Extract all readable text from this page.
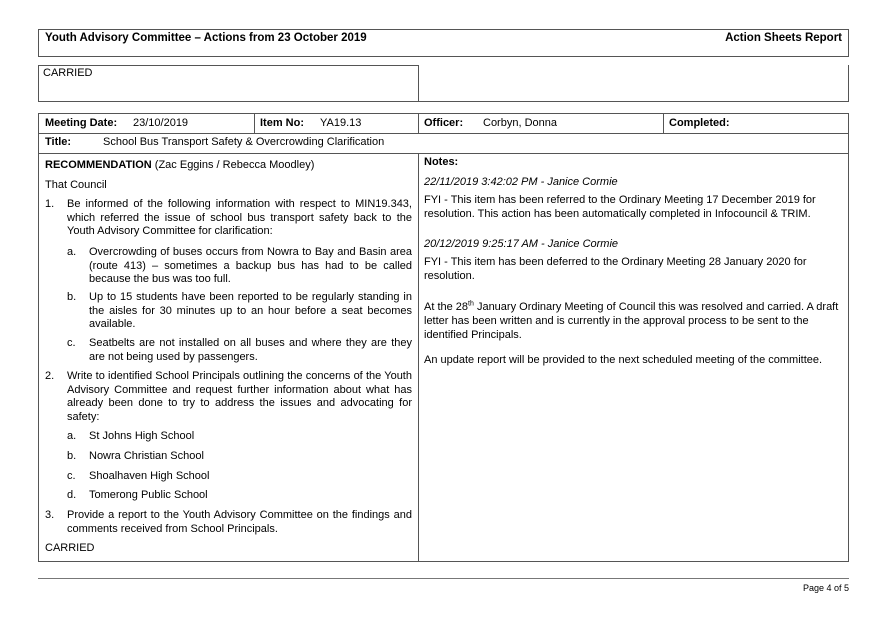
Youth Advisory Committee – Actions from 23 October 2019	Action Sheets Report
CARRIED
Meeting Date: 23/10/2019	Item No: YA19.13	Officer: Corbyn, Donna	Completed:
Title:	School Bus Transport Safety & Overcrowding Clarification
RECOMMENDATION (Zac Eggins / Rebecca Moodley)
That Council
1. Be informed of the following information with respect to MIN19.343, which referred the issue of school bus transport safety back to the Youth Advisory Committee for clarification:
a. Overcrowding of buses occurs from Nowra to Bay and Basin area (route 413) – sometimes a backup bus has had to be called because the bus was too full.
b. Up to 15 students have been reported to be regularly standing in the aisles for 30 minutes up to an hour before a seat becomes available.
c. Seatbelts are not installed on all buses and where they are they are not being used by passengers.
2. Write to identified School Principals outlining the concerns of the Youth Advisory Committee and request further information about what has already been done to try to address the issues and advocating for safety:
a. St Johns High School
b. Nowra Christian School
c. Shoalhaven High School
d. Tomerong Public School
3. Provide a report to the Youth Advisory Committee on the findings and comments received from School Principals.
CARRIED
Notes:
22/11/2019 3:42:02 PM - Janice Cormie
FYI - This item has been referred to the Ordinary Meeting 17 December 2019 for resolution. This action has been automatically completed in Infocouncil & TRIM.
20/12/2019 9:25:17 AM - Janice Cormie
FYI - This item has been deferred to the Ordinary Meeting 28 January 2020 for resolution.
At the 28th January Ordinary Meeting of Council this was resolved and carried. A draft letter has been written and is currently in the approval process to be sent to the identified Principals.
An update report will be provided to the next scheduled meeting of the committee.
Page 4 of 5
